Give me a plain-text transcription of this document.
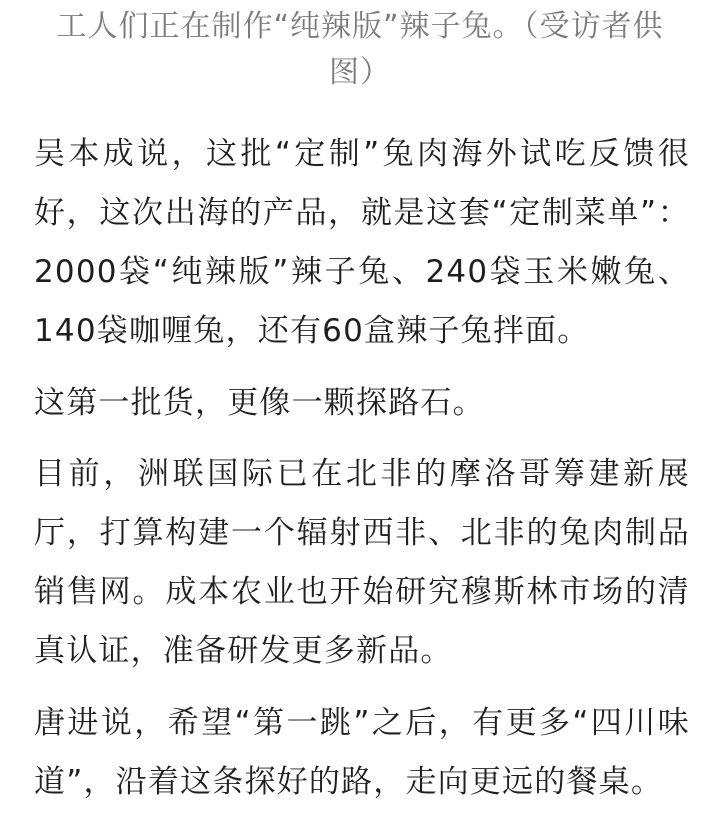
工人们正在制作“纯辣版”辣子兔。（受访者供图）

吴本成说，这批“定制”兔肉海外试吃反馈很好，这次出海的产品，就是这套“定制菜单”：2000袋“纯辣版”辣子兔、240袋玉米嫩兔、140袋咖喱兔，还有60盒辣子兔拌面。

这第一批货，更像一颗探路石。

目前，洲联国际已在北非的摩洛哥筹建新展厅，打算构建一个辐射西非、北非的兔肉制品销售网。成本农业也开始研究穆斯林市场的清真认证，准备研发更多新品。

唐进说，希望“第一跳”之后，有更多“四川味道”，沿着这条探好的路，走向更远的餐桌。
